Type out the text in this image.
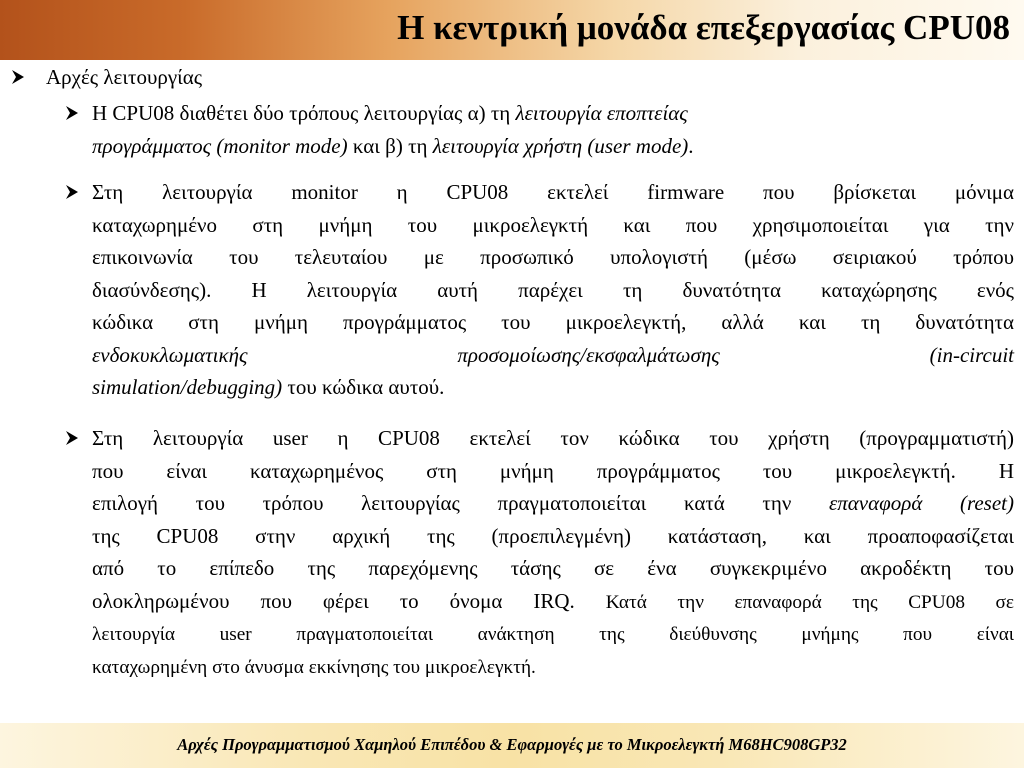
Η κεντρική μονάδα επεξεργασίας CPU08
Αρχές λειτουργίας
Η CPU08 διαθέτει δύο τρόπους λειτουργίας α) τη λειτουργία εποπτείας
προγράμματος (monitor mode) και β) τη λειτουργία χρήστη (user mode).
Στη λειτουργία monitor η CPU08 εκτελεί firmware που βρίσκεται μόνιμα
καταχωρημένο στη μνήμη του μικροελεγκτή και που χρησιμοποιείται για την
επικοινωνία του τελευταίου με προσωπικό υπολογιστή (μέσω σειριακού τρόπου
διασύνδεσης). Η λειτουργία αυτή παρέχει τη δυνατότητα καταχώρησης ενός
κώδικα στη μνήμη προγράμματος του μικροελεγκτή, αλλά και τη δυνατότητα
ενδοκυκλωματικής προσομοίωσης/εκσφαλμάτωσης (in-circuit
simulation/debugging) του κώδικα αυτού.
Στη λειτουργία user η CPU08 εκτελεί τον κώδικα του χρήστη (προγραμματιστή)
που είναι καταχωρημένος στη μνήμη προγράμματος του μικροελεγκτή. Η
επιλογή του τρόπου λειτουργίας πραγματοποιείται κατά την επαναφορά (reset)
της CPU08 στην αρχική της (προεπιλεγμένη) κατάσταση, και προαποφασίζεται
από το επίπεδο της παρεχόμενης τάσης σε ένα συγκεκριμένο ακροδέκτη του
ολοκληρωμένου που φέρει το όνομα IRQ. Κατά την επαναφορά της CPU08 σε
λειτουργία user πραγματοποιείται ανάκτηση της διεύθυνσης μνήμης που είναι
καταχωρημένη στο άνυσμα εκκίνησης του μικροελεγκτή.
Αρχές Προγραμματισμού Χαμηλού Επιπέδου & Εφαρμογές με το Μικροελεγκτή M68HC908GP32
